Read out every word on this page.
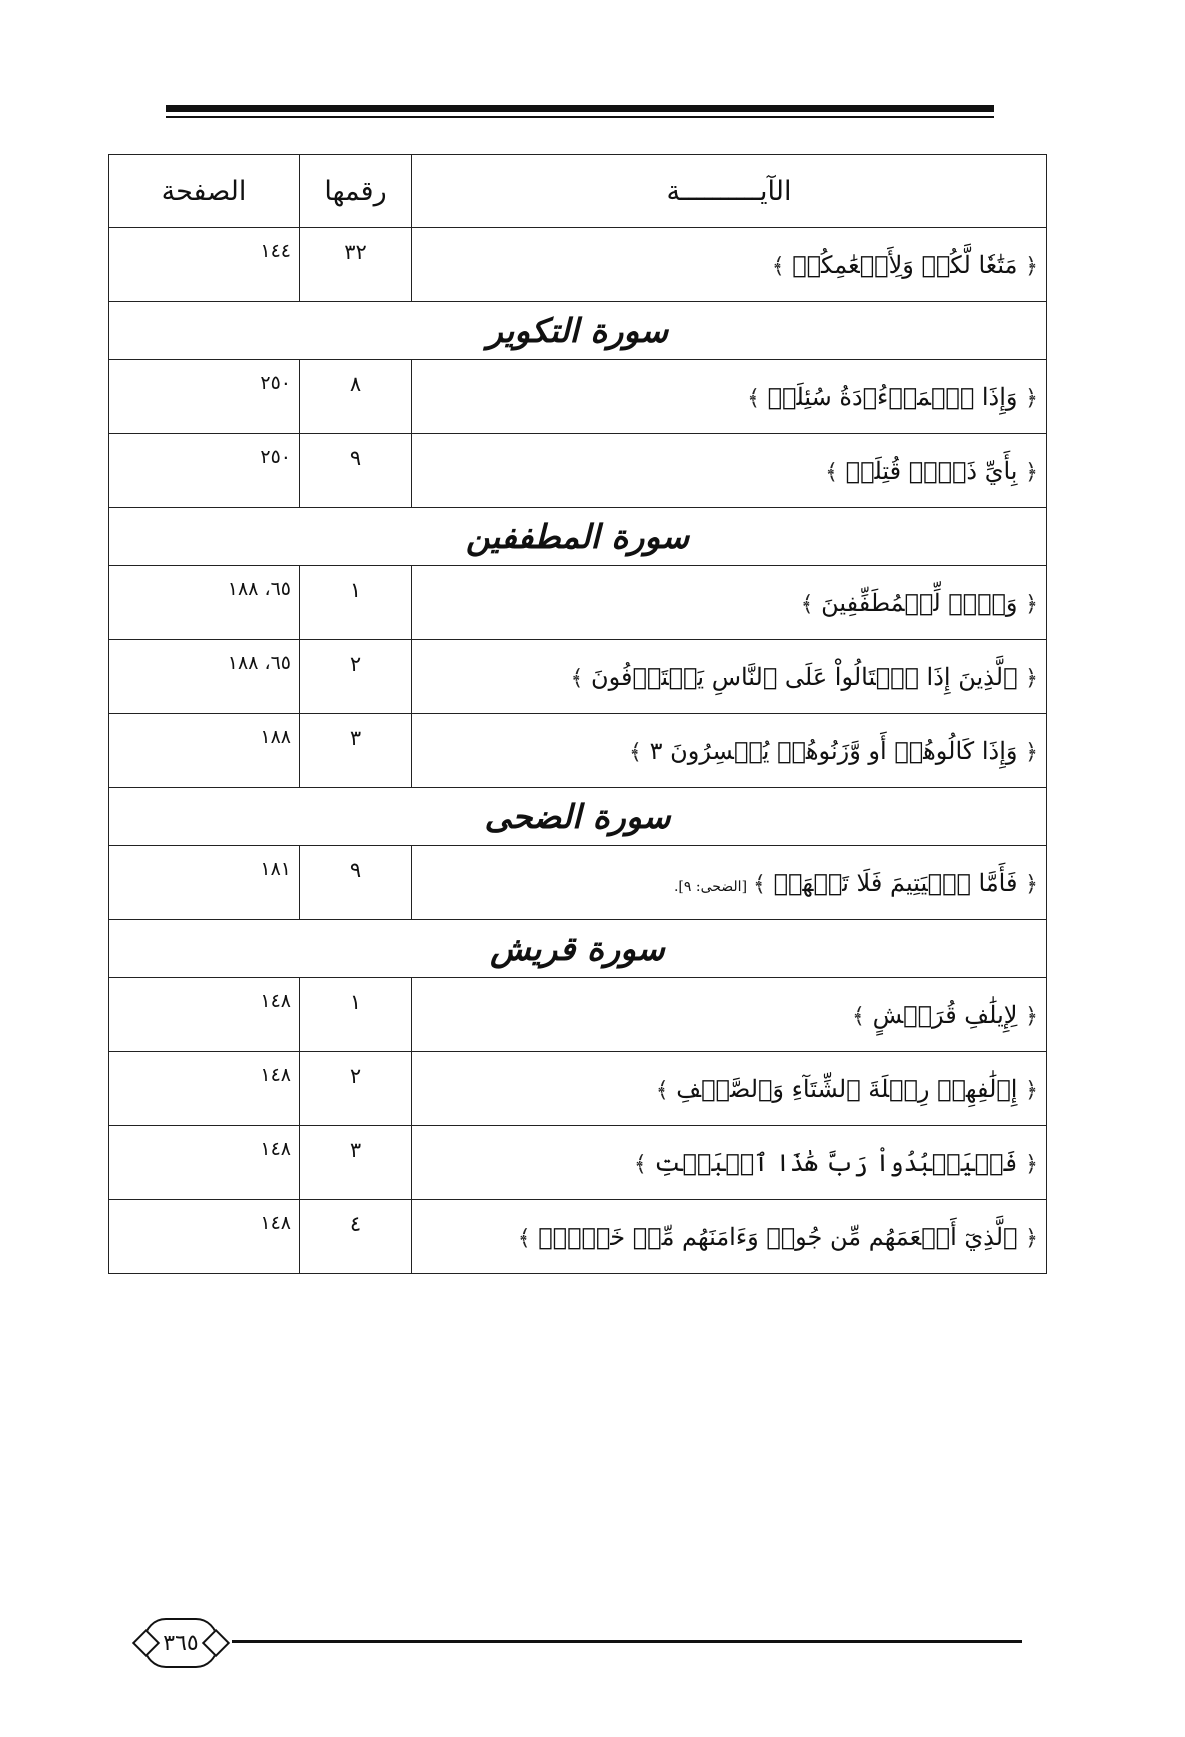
الآيــــــــــة	رقمها	الصفحة
﴿ مَتَٰعٗا لَّكُمۡ وَلِأَنۡعَٰمِكُمۡ ﴾	٣٢	١٤٤
سورة التكوير		
﴿ وَإِذَا ٱلۡمَوۡءُۥدَةُ سُئِلَتۡ ﴾	٨	٢٥٠
﴿ بِأَيِّ ذَنۢبٖ قُتِلَتۡ ﴾	٩	٢٥٠
سورة المطففين		
﴿ وَيۡلٞ لِّلۡمُطَفِّفِينَ ﴾	١	٦٥، ١٨٨
﴿ ٱلَّذِينَ إِذَا ٱكۡتَالُواْ عَلَى ٱلنَّاسِ يَسۡتَوۡفُونَ ﴾	٢	٦٥، ١٨٨
﴿ وَإِذَا كَالُوهُمۡ أَو وَّزَنُوهُمۡ يُخۡسِرُونَ ٣ ﴾	٣	١٨٨
سورة الضحى		
﴿ فَأَمَّا ٱلۡيَتِيمَ فَلَا تَقۡهَرۡ ﴾[الضحى: ٩].	٩	١٨١
سورة قريش		
﴿ لِإِيلَٰفِ قُرَيۡشٍ ﴾	١	١٤٨
﴿ إِۦلَٰفِهِمۡ رِحۡلَةَ ٱلشِّتَآءِ وَٱلصَّيۡفِ ﴾	٢	١٤٨
﴿ فَلۡيَعۡبُدُواْ رَبَّ هَٰذَا ٱلۡبَيۡتِ ﴾	٣	١٤٨
﴿ ٱلَّذِيٓ أَطۡعَمَهُم مِّن جُوعٖ وَءَامَنَهُم مِّنۡ خَوۡفِۭ ﴾	٤	١٤٨
٣٦٥
